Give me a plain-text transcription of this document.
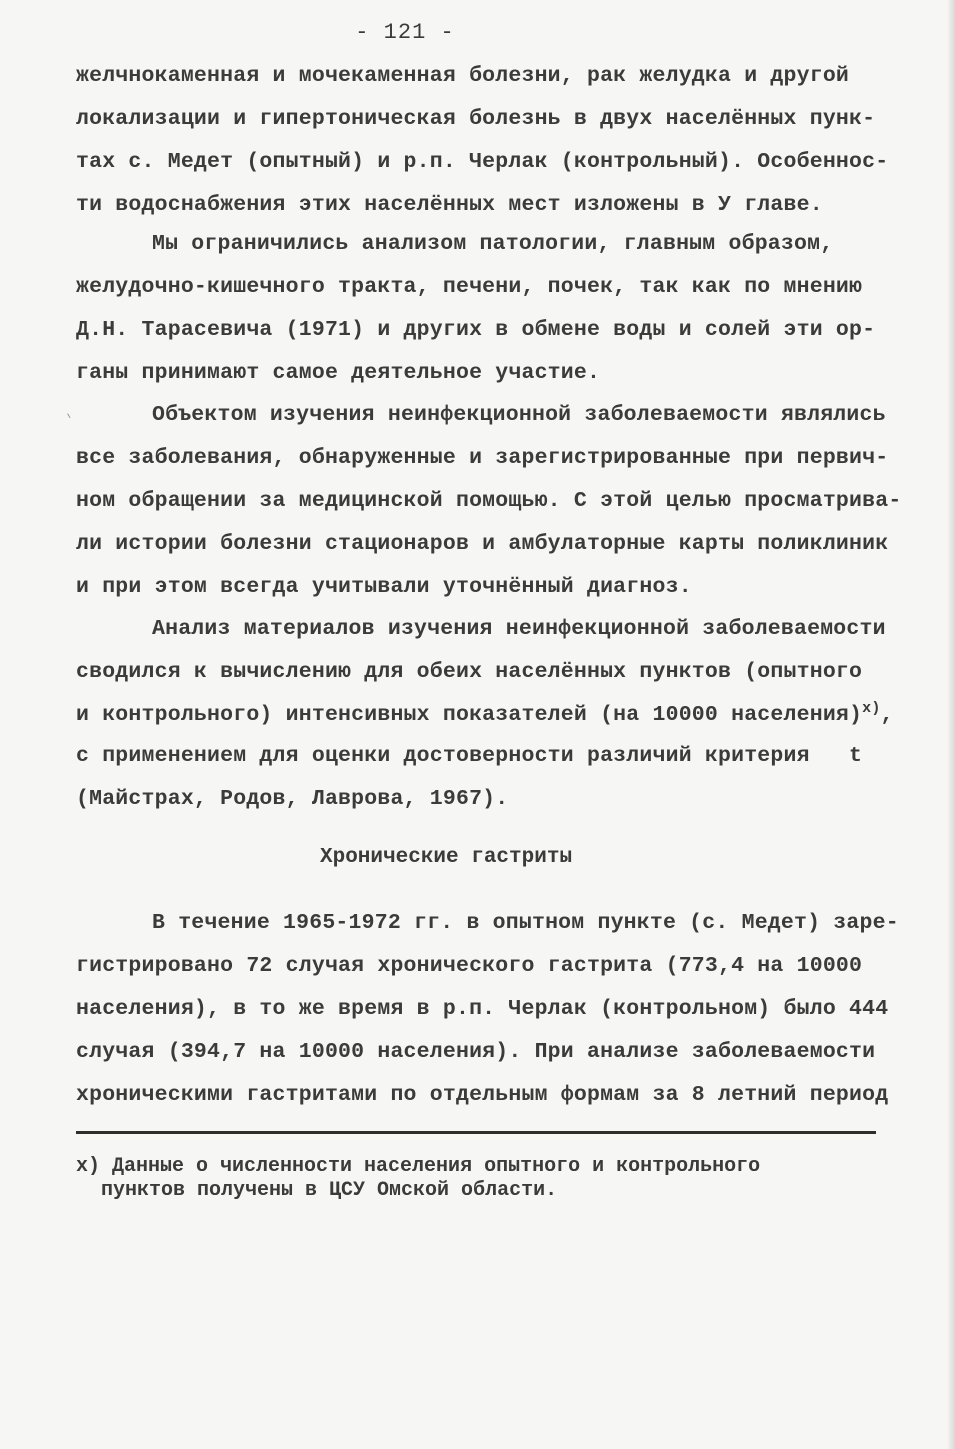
- 121 -
желчнокаменная и мочекаменная болезни, рак желудка и другой
локализации и гипертоническая болезнь в двух населённых пунк-
тах с. Медет (опытный) и р.п. Черлак (контрольный). Особеннос-
ти водоснабжения этих населённых мест изложены в У главе.
Мы ограничились анализом патологии, главным образом,
желудочно-кишечного тракта, печени, почек, так как по мнению
Д.Н. Тарасевича (1971) и других в обмене воды и солей эти ор-
ганы принимают самое деятельное участие.
Объектом изучения неинфекционной заболеваемости являлись
все заболевания, обнаруженные и зарегистрированные при первич-
ном обращении за медицинской помощью. С этой целью просматрива-
ли истории болезни стационаров и амбулаторные карты поликлиник
и при этом всегда учитывали уточнённый диагноз.
Анализ материалов изучения неинфекционной заболеваемости
сводился к вычислению для обеих населённых пунктов (опытного
и контрольного) интенсивных показателей (на 10000 населения)$^{х)}$,
с применением для оценки достоверности различий критерия   t
(Майстрах, Родов, Лаврова, 1967).
Хронические гастриты
В течение 1965-1972 гг. в опытном пункте (с. Медет) заре-
гистрировано 72 случая хронического гастрита (773,4 на 10000
населения), в то же время в р.п. Черлак (контрольном) было 444
случая (394,7 на 10000 населения). При анализе заболеваемости
хроническими гастритами по отдельным формам за 8 летний период
х) Данные о численности населения опытного и контрольного
пунктов получены в ЦСУ Омской области.
